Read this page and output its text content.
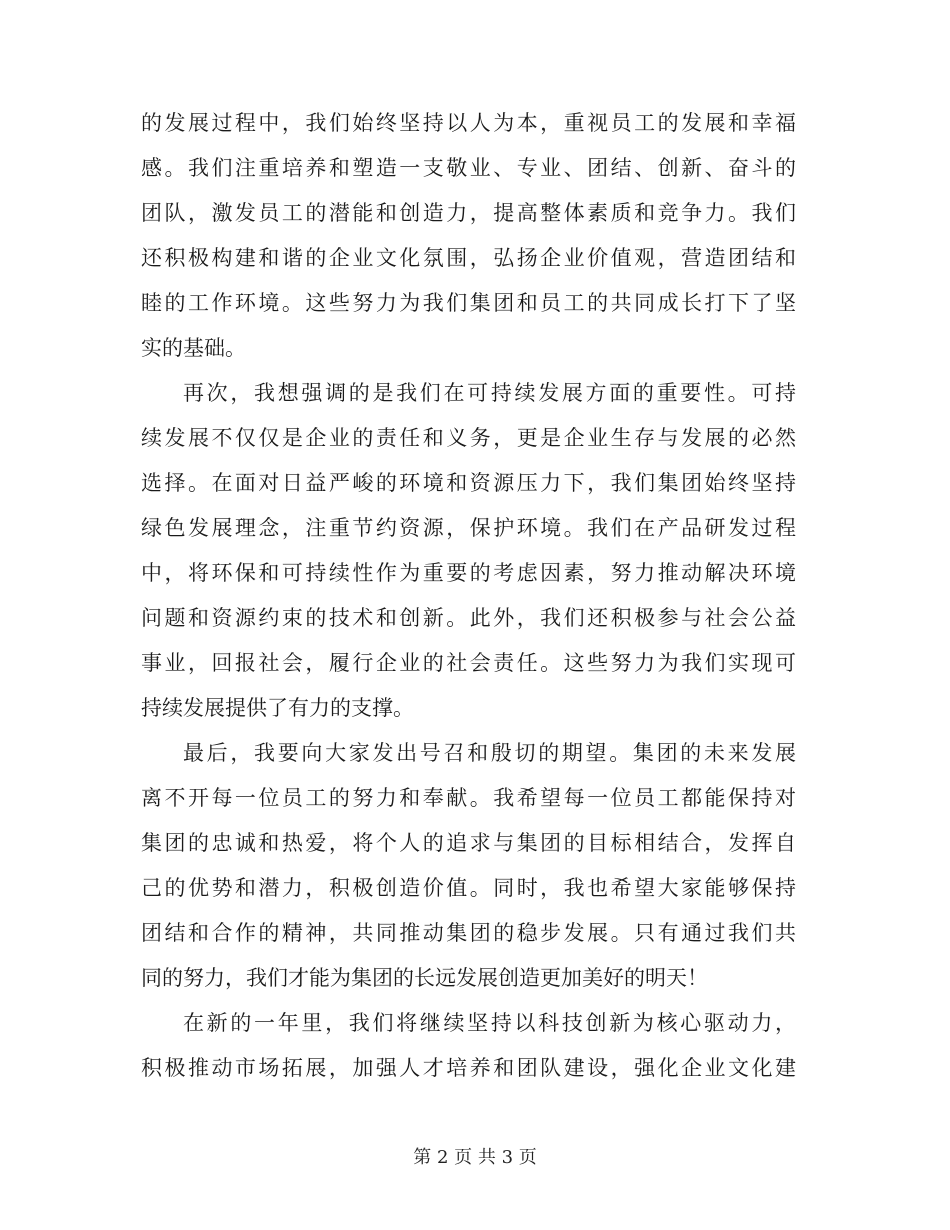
的发展过程中，我们始终坚持以人为本，重视员工的发展和幸福
感。我们注重培养和塑造一支敬业、专业、团结、创新、奋斗的
团队，激发员工的潜能和创造力，提高整体素质和竞争力。我们
还积极构建和谐的企业文化氛围，弘扬企业价值观，营造团结和
睦的工作环境。这些努力为我们集团和员工的共同成长打下了坚
实的基础。
再次，我想强调的是我们在可持续发展方面的重要性。可持
续发展不仅仅是企业的责任和义务，更是企业生存与发展的必然
选择。在面对日益严峻的环境和资源压力下，我们集团始终坚持
绿色发展理念，注重节约资源，保护环境。我们在产品研发过程
中，将环保和可持续性作为重要的考虑因素，努力推动解决环境
问题和资源约束的技术和创新。此外，我们还积极参与社会公益
事业，回报社会，履行企业的社会责任。这些努力为我们实现可
持续发展提供了有力的支撑。
最后，我要向大家发出号召和殷切的期望。集团的未来发展
离不开每一位员工的努力和奉献。我希望每一位员工都能保持对
集团的忠诚和热爱，将个人的追求与集团的目标相结合，发挥自
己的优势和潜力，积极创造价值。同时，我也希望大家能够保持
团结和合作的精神，共同推动集团的稳步发展。只有通过我们共
同的努力，我们才能为集团的长远发展创造更加美好的明天！
在新的一年里，我们将继续坚持以科技创新为核心驱动力，
积极推动市场拓展，加强人才培养和团队建设，强化企业文化建
第 2 页 共 3 页
